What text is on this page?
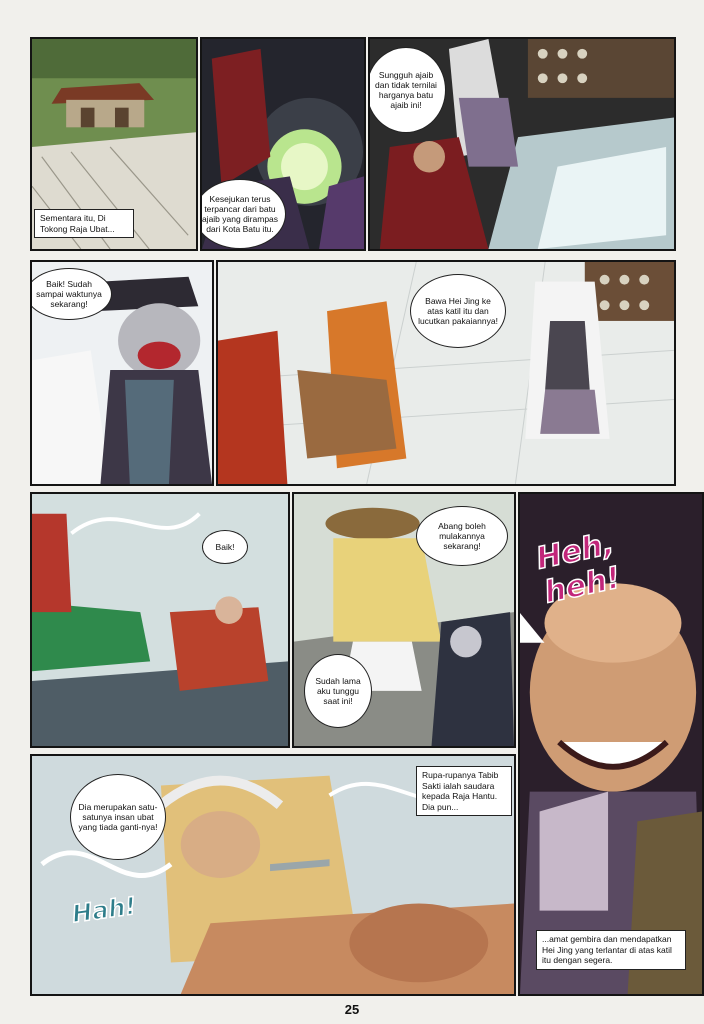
Sementara itu, Di Tokong Raja Ubat...
Kesejukan terus terpancar dari batu ajaib yang dirampas dari Kota Batu itu.
Sungguh ajaib dan tidak ternilai harganya batu ajaib ini!
Baik! Sudah sampai waktunya sekarang!	Bawa Hei Jing ke atas katil itu dan lucutkan pakaiannya!
Baik!
Abang boleh mulakannya sekarang!
Sudah lama aku tunggu saat ini!
Heh,
heh!
...amat gembira dan mendapatkan Hei Jing yang terlantar di atas katil itu dengan segera.
Dia merupakan satu-satunya insan ubat yang tiada ganti-nya!
Rupa-rupanya Tabib Sakti ialah saudara kepada Raja Hantu. Dia pun...
Hah!
25
